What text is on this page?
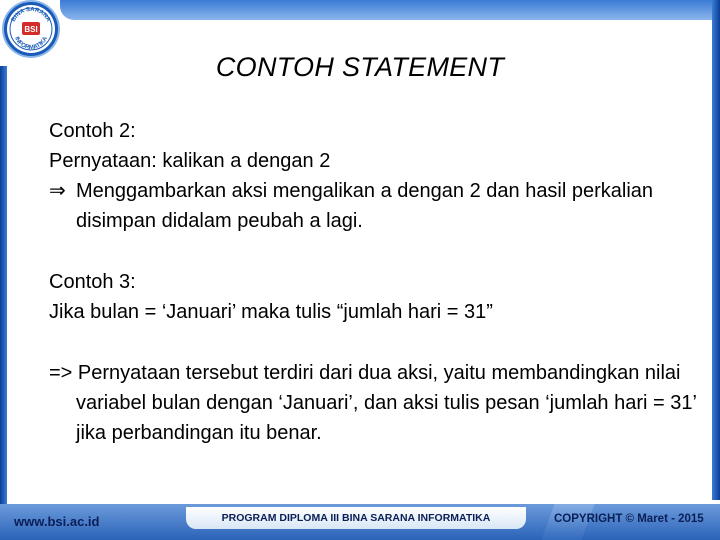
BINA SARANA
INFORMATIKA
BSI
CONTOH STATEMENT
Contoh 2:
Pernyataan: kalikan a dengan 2
⇒ Menggambarkan aksi mengalikan a dengan 2 dan hasil perkalian disimpan didalam peubah a lagi.
Contoh 3:
Jika bulan = ‘Januari’ maka tulis “jumlah hari = 31”
=> Pernyataan tersebut terdiri dari dua aksi, yaitu membandingkan nilai variabel bulan dengan ‘Januari’, dan aksi tulis pesan ‘jumlah hari = 31’ jika perbandingan itu benar.
www.bsi.ac.id	PROGRAM DIPLOMA III BINA SARANA INFORMATIKA	COPYRIGHT © Maret - 2015
